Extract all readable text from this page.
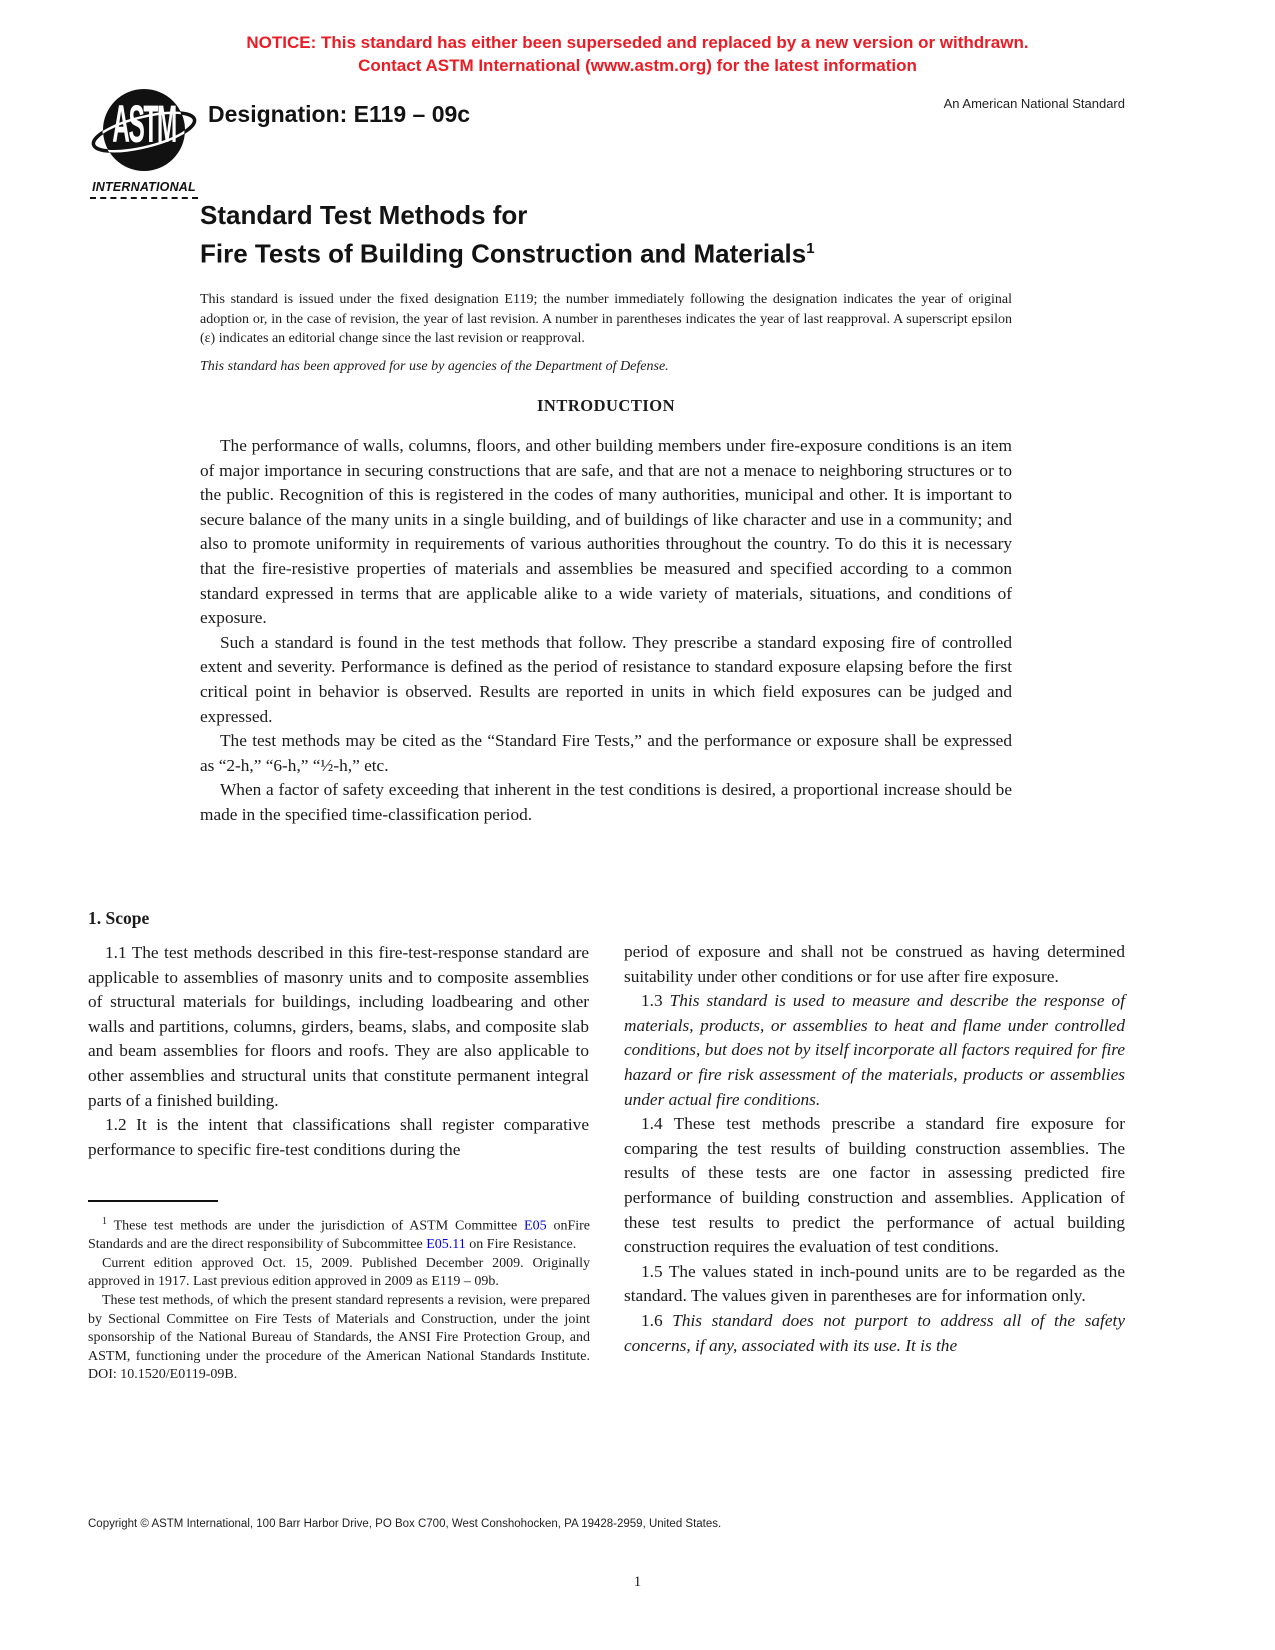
NOTICE: This standard has either been superseded and replaced by a new version or withdrawn.
Contact ASTM International (www.astm.org) for the latest information
ASTM
INTERNATIONAL
Designation: E119 – 09c	An American National Standard
Standard Test Methods for
Fire Tests of Building Construction and Materials$^1$
This standard is issued under the fixed designation E119; the number immediately following the designation indicates the year of original adoption or, in the case of revision, the year of last revision. A number in parentheses indicates the year of last reapproval. A superscript epsilon (ε) indicates an editorial change since the last revision or reapproval.
This standard has been approved for use by agencies of the Department of Defense.
INTRODUCTION

The performance of walls, columns, floors, and other building members under fire-exposure conditions is an item of major importance in securing constructions that are safe, and that are not a menace to neighboring structures or to the public. Recognition of this is registered in the codes of many authorities, municipal and other. It is important to secure balance of the many units in a single building, and of buildings of like character and use in a community; and also to promote uniformity in requirements of various authorities throughout the country. To do this it is necessary that the fire-resistive properties of materials and assemblies be measured and specified according to a common standard expressed in terms that are applicable alike to a wide variety of materials, situations, and conditions of exposure.

Such a standard is found in the test methods that follow. They prescribe a standard exposing fire of controlled extent and severity. Performance is defined as the period of resistance to standard exposure elapsing before the first critical point in behavior is observed. Results are reported in units in which field exposures can be judged and expressed.

The test methods may be cited as the “Standard Fire Tests,” and the performance or exposure shall be expressed as “2-h,” “6-h,” “½-h,” etc.

When a factor of safety exceeding that inherent in the test conditions is desired, a proportional increase should be made in the specified time-classification period.

1. Scope

1.1 The test methods described in this fire-test-response standard are applicable to assemblies of masonry units and to composite assemblies of structural materials for buildings, including loadbearing and other walls and partitions, columns, girders, beams, slabs, and composite slab and beam assemblies for floors and roofs. They are also applicable to other assemblies and structural units that constitute permanent integral parts of a finished building.

1.2 It is the intent that classifications shall register comparative performance to specific fire-test conditions during the

period of exposure and shall not be construed as having determined suitability under other conditions or for use after fire exposure.

1.3 This standard is used to measure and describe the response of materials, products, or assemblies to heat and flame under controlled conditions, but does not by itself incorporate all factors required for fire hazard or fire risk assessment of the materials, products or assemblies under actual fire conditions.

1.4 These test methods prescribe a standard fire exposure for comparing the test results of building construction assemblies. The results of these tests are one factor in assessing predicted fire performance of building construction and assemblies. Application of these test results to predict the performance of actual building construction requires the evaluation of test conditions.

1.5 The values stated in inch-pound units are to be regarded as the standard. The values given in parentheses are for information only.

1.6 This standard does not purport to address all of the safety concerns, if any, associated with its use. It is the

$^1$ These test methods are under the jurisdiction of ASTM Committee E05 onFire Standards and are the direct responsibility of Subcommittee E05.11 on Fire Resistance.

Current edition approved Oct. 15, 2009. Published December 2009. Originally approved in 1917. Last previous edition approved in 2009 as E119 – 09b.

These test methods, of which the present standard represents a revision, were prepared by Sectional Committee on Fire Tests of Materials and Construction, under the joint sponsorship of the National Bureau of Standards, the ANSI Fire Protection Group, and ASTM, functioning under the procedure of the American National Standards Institute. DOI: 10.1520/E0119-09B.

Copyright © ASTM International, 100 Barr Harbor Drive, PO Box C700, West Conshohocken, PA 19428-2959, United States.
1
